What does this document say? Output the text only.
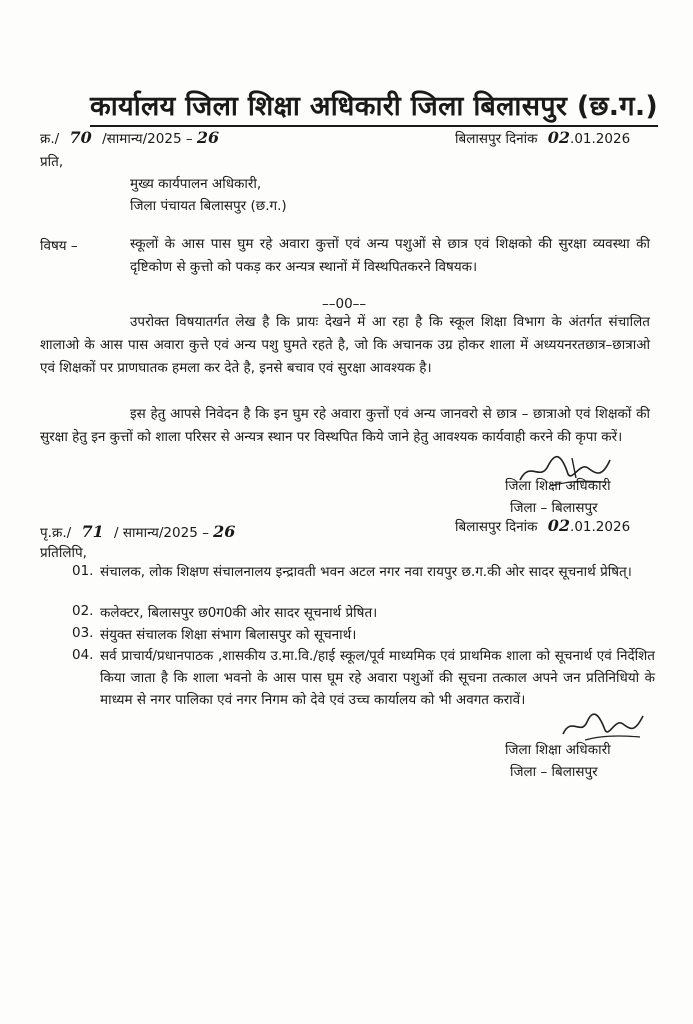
कार्यालय जिला शिक्षा अधिकारी जिला बिलासपुर (छ.ग.)
क्र./ 70 /सामान्य/2025 – 26	बिलासपुर दिनांक 02.01.2026
प्रति,
मुख्य कार्यपालन अधिकारी,
जिला पंचायत बिलासपुर (छ.ग.)
विषय –	स्कूलों के आस पास घुम रहे अवारा कुत्तों एवं अन्य पशुओं से छात्र एवं शिक्षको की सुरक्षा व्यवस्था की दृष्टिकोण से कुत्तो को पकड़ कर अन्यत्र स्थानों में विस्थपितकरने विषयक।
––00––
उपरोक्त विषयातर्गत लेख है कि प्रायः देखने में आ रहा है कि स्कूल शिक्षा विभाग के अंतर्गत संचालित शालाओ के आस पास अवारा कुत्ते एवं अन्य पशु घुमते रहते है, जो कि अचानक उग्र होकर शाला में अध्ययनरतछात्र–छात्राओ एवं शिक्षकों पर प्राणघातक हमला कर देते है, इनसे बचाव एवं सुरक्षा आवश्यक है।
इस हेतु आपसे निवेदन है कि इन घुम रहे अवारा कुत्तों एवं अन्य जानवरो से छात्र – छात्राओ एवं शिक्षकों की सुरक्षा हेतु इन कुत्तों को शाला परिसर से अन्यत्र स्थान पर विस्थपित किये जाने हेतु आवश्यक कार्यवाही करने की कृपा करें।
जिला शिक्षा अधिकारी
जिला – बिलासपुर
पृ.क्र./ 71 / सामान्य/2025 – 26	बिलासपुर दिनांक 02.01.2026
प्रतिलिपि,
01. संचालक, लोक शिक्षण संचालनालय इन्द्रावती भवन अटल नगर नवा रायपुर छ.ग.की ओर सादर सूचनार्थ प्रेषित्।
02. कलेक्टर, बिलासपुर छ0ग0की ओर सादर सूचनार्थ प्रेषित।
03. संयुक्त संचालक शिक्षा संभाग बिलासपुर को सूचनार्थ।
04. सर्व प्राचार्य/प्रधानपाठक ,शासकीय उ.मा.वि./हाई स्कूल/पूर्व माध्यमिक एवं प्राथमिक शाला को सूचनार्थ एवं निर्देशित किया जाता है कि शाला भवनो के आस पास घूम रहे अवारा पशुओं की सूचना तत्काल अपने जन प्रतिनिधियो के माध्यम से नगर पालिका एवं नगर निगम को देवे एवं उच्च कार्यालय को भी अवगत करावें।
जिला शिक्षा अधिकारी
जिला – बिलासपुर
